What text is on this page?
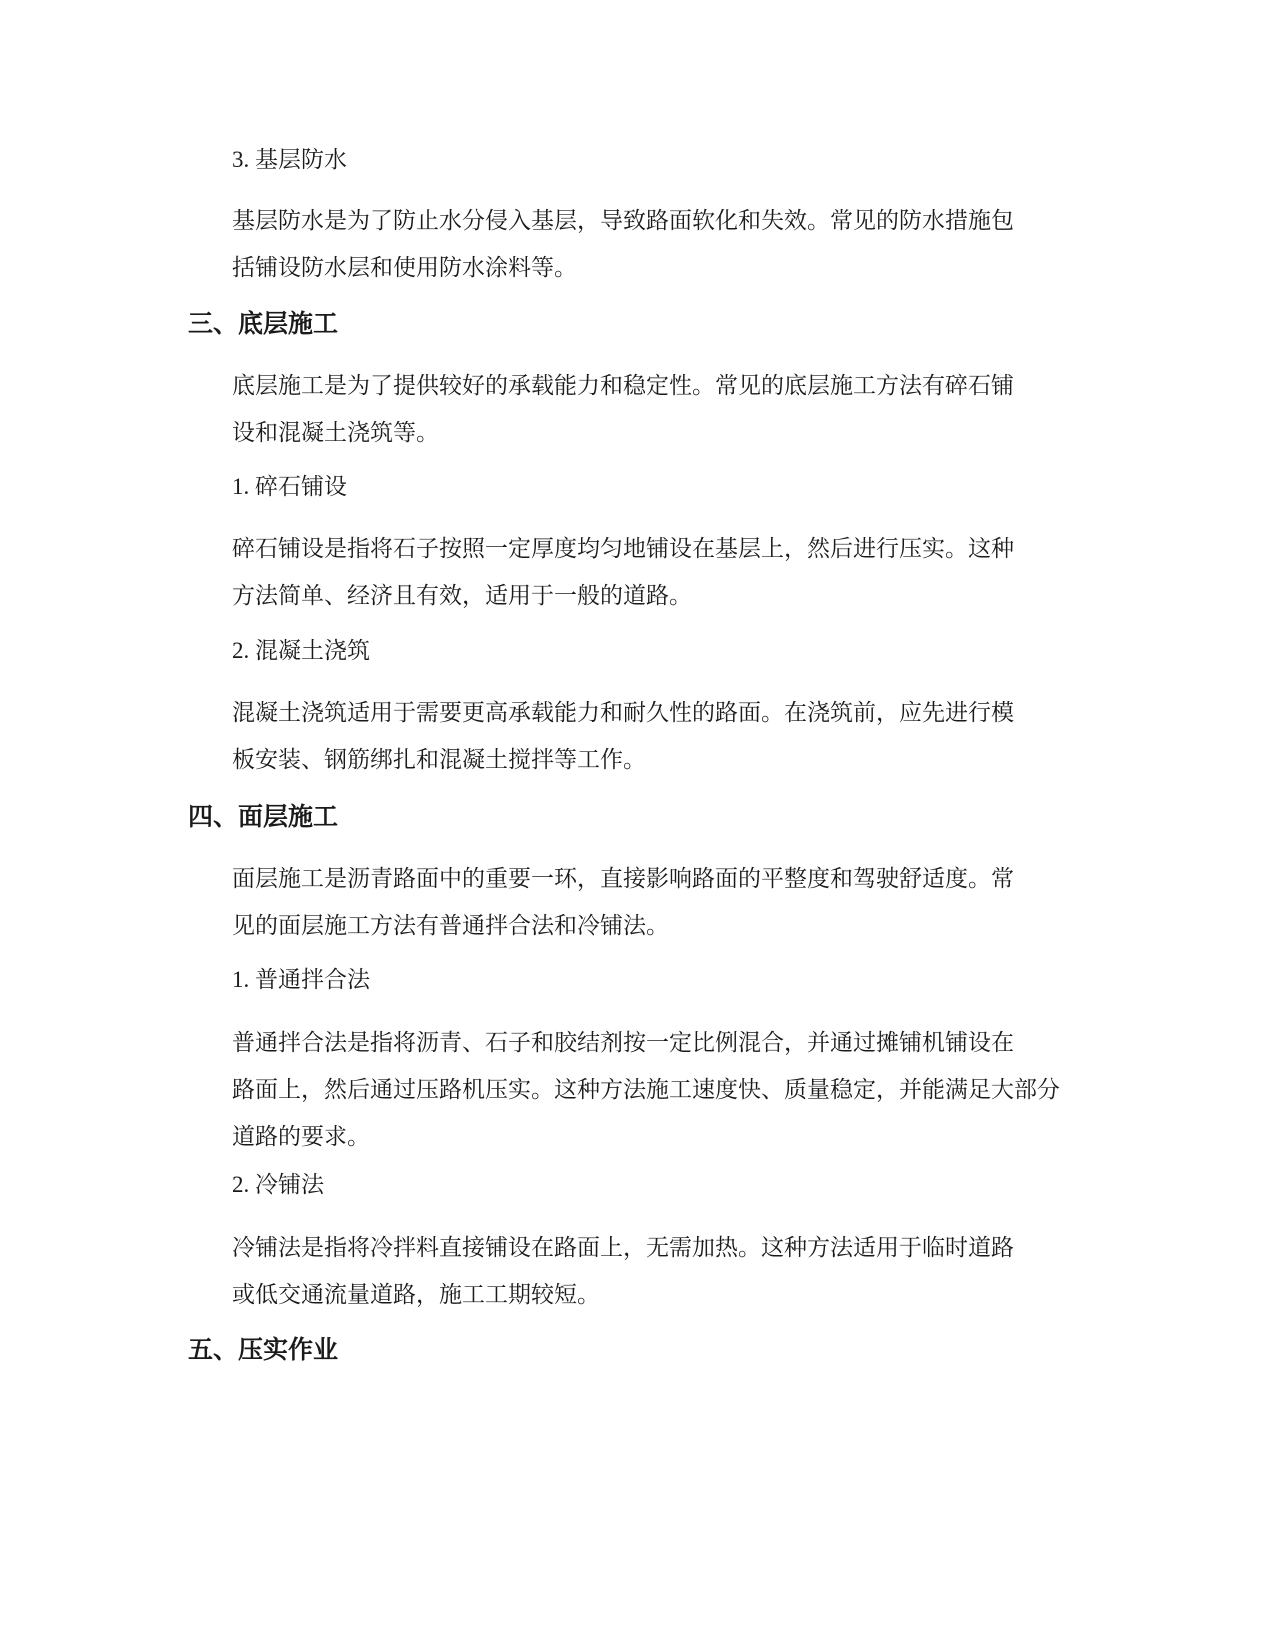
3. 基层防水
基层防水是为了防止水分侵入基层，导致路面软化和失效。常见的防水措施包
括铺设防水层和使用防水涂料等。
三、底层施工
底层施工是为了提供较好的承载能力和稳定性。常见的底层施工方法有碎石铺
设和混凝土浇筑等。
1. 碎石铺设
碎石铺设是指将石子按照一定厚度均匀地铺设在基层上，然后进行压实。这种
方法简单、经济且有效，适用于一般的道路。
2. 混凝土浇筑
混凝土浇筑适用于需要更高承载能力和耐久性的路面。在浇筑前，应先进行模
板安装、钢筋绑扎和混凝土搅拌等工作。
四、面层施工
面层施工是沥青路面中的重要一环，直接影响路面的平整度和驾驶舒适度。常
见的面层施工方法有普通拌合法和冷铺法。
1. 普通拌合法
普通拌合法是指将沥青、石子和胶结剂按一定比例混合，并通过摊铺机铺设在
路面上，然后通过压路机压实。这种方法施工速度快、质量稳定，并能满足大部分
道路的要求。
2. 冷铺法
冷铺法是指将冷拌料直接铺设在路面上，无需加热。这种方法适用于临时道路
或低交通流量道路，施工工期较短。
五、压实作业
